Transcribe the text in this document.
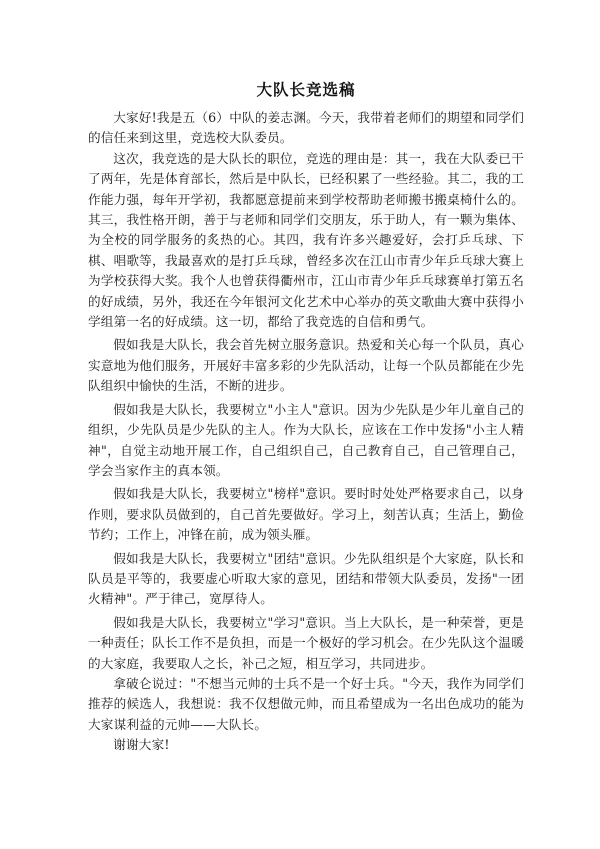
大队长竞选稿

大家好!我是五（6）中队的姜志渊。今天，我带着老师们的期望和同学们的信任来到这里，竞选校大队委员。

这次，我竞选的是大队长的职位，竞选的理由是：其一，我在大队委已干了两年，先是体育部长，然后是中队长，已经积累了一些经验。其二，我的工作能力强，每年开学初，我都愿意提前来到学校帮助老师搬书搬桌椅什么的。其三，我性格开朗，善于与老师和同学们交朋友，乐于助人，有一颗为集体、为全校的同学服务的炙热的心。其四，我有许多兴趣爱好，会打乒乓球、下棋、唱歌等，我最喜欢的是打乒乓球，曾经多次在江山市青少年乒乓球大赛上为学校获得大奖。我个人也曾获得衢州市，江山市青少年乒乓球赛单打第五名的好成绩，另外，我还在今年银河文化艺术中心举办的英文歌曲大赛中获得小学组第一名的好成绩。这一切，都给了我竞选的自信和勇气。

假如我是大队长，我会首先树立服务意识。热爱和关心每一个队员，真心实意地为他们服务，开展好丰富多彩的少先队活动，让每一个队员都能在少先队组织中愉快的生活，不断的进步。

假如我是大队长，我要树立"小主人"意识。因为少先队是少年儿童自己的组织，少先队员是少先队的主人。作为大队长，应该在工作中发扬"小主人精神"，自觉主动地开展工作，自己组织自己，自己教育自己，自己管理自己，学会当家作主的真本领。

假如我是大队长，我要树立"榜样"意识。要时时处处严格要求自己，以身作则，要求队员做到的，自己首先要做好。学习上，刻苦认真；生活上，勤俭节约；工作上，冲锋在前，成为领头雁。

假如我是大队长，我要树立"团结"意识。少先队组织是个大家庭，队长和队员是平等的，我要虚心听取大家的意见，团结和带领大队委员，发扬"一团火精神"。严于律己，宽厚待人。

假如我是大队长，我要树立"学习"意识。当上大队长，是一种荣誉，更是一种责任；队长工作不是负担，而是一个极好的学习机会。在少先队这个温暖的大家庭，我要取人之长，补己之短，相互学习，共同进步。

拿破仑说过："不想当元帅的士兵不是一个好士兵。"今天，我作为同学们推荐的候选人，我想说：我不仅想做元帅，而且希望成为一名出色成功的能为大家谋利益的元帅——大队长。

谢谢大家!
